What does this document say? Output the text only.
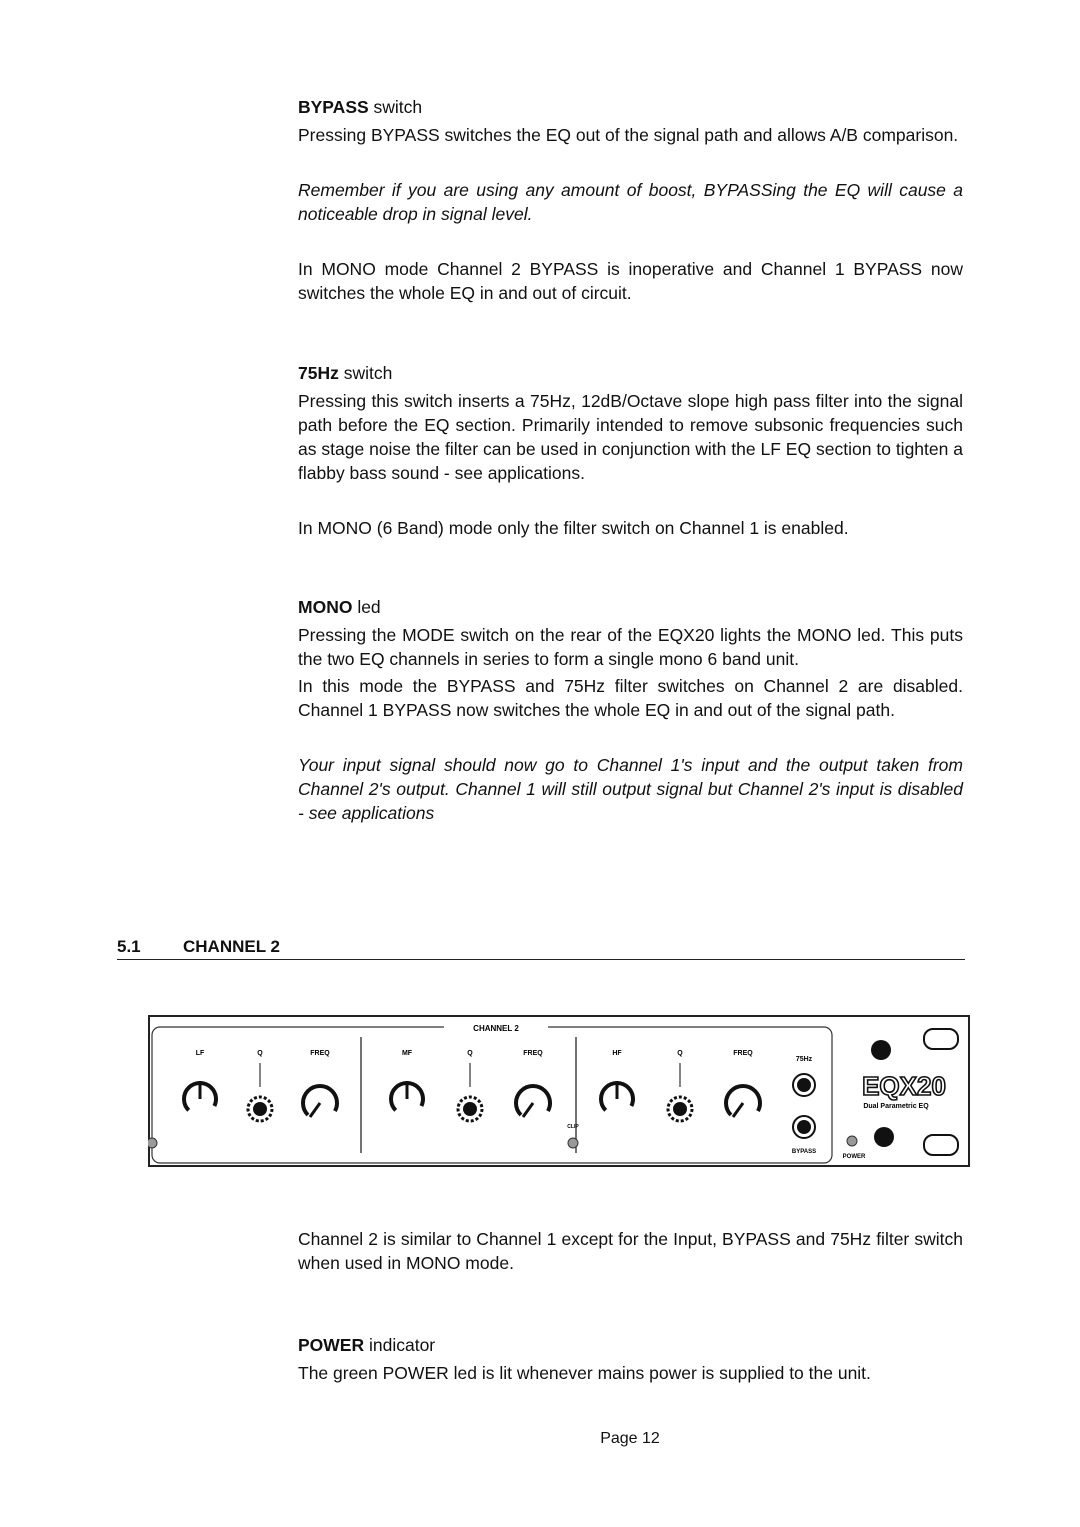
BYPASS switch

Pressing BYPASS switches the EQ out of the signal path and allows A/B comparison.

Remember if you are using any amount of boost, BYPASSing the EQ will cause a noticeable drop in signal level.

In MONO mode Channel 2 BYPASS is inoperative and Channel 1 BYPASS now switches the whole EQ in and out of circuit.

75Hz switch

Pressing this switch inserts a 75Hz, 12dB/Octave slope high pass filter into the signal path before the EQ section. Primarily intended to remove subsonic frequencies such as stage noise the filter can be used in conjunction with the LF EQ section to tighten a flabby bass sound - see applications.

In MONO (6 Band) mode only the filter switch on Channel 1 is enabled.

MONO led

Pressing the MODE switch on the rear of the EQX20 lights the MONO led. This puts the two EQ channels in series to form a single mono 6 band unit.

In this mode the BYPASS and 75Hz filter switches on Channel 2 are disabled. Channel 1 BYPASS now switches the whole EQ in and out of the signal path.

Your input signal should now go to Channel 1's input and the output taken from Channel 2's output. Channel 1 will still output signal but Channel 2's input is disabled - see applications

5.1 CHANNEL 2
CHANNEL 2
LF	Q	FREQ	MF	Q	FREQ	HF	Q	FREQ
CLIP
75Hz
BYPASS
EQX20
Dual Parametric EQ
POWER

Channel 2 is similar to Channel 1 except for the Input, BYPASS and 75Hz filter switch when used in MONO mode.

POWER indicator

The green POWER led is lit whenever mains power is supplied to the unit.

Page 12
